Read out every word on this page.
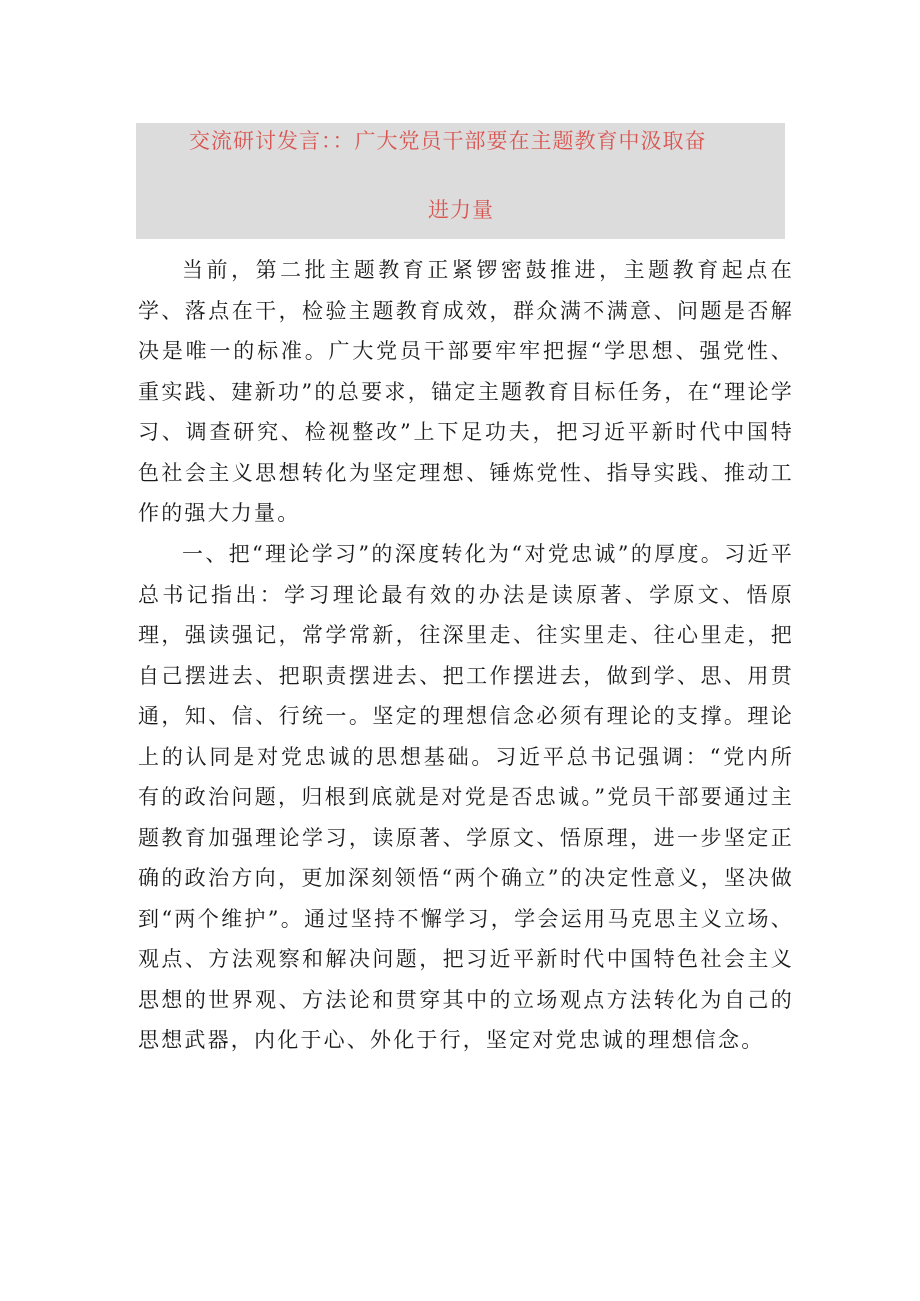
交流研讨发言：：广大党员干部要在主题教育中汲取奋
进力量

当前，第二批主题教育正紧锣密鼓推进，主题教育起点在学、落点在干，检验主题教育成效，群众满不满意、问题是否解决是唯一的标准。广大党员干部要牢牢把握“学思想、强党性、重实践、建新功”的总要求，锚定主题教育目标任务，在“理论学习、调查研究、检视整改”上下足功夫，把习近平新时代中国特色社会主义思想转化为坚定理想、锤炼党性、指导实践、推动工作的强大力量。

一、把“理论学习”的深度转化为“对党忠诚”的厚度。习近平总书记指出：学习理论最有效的办法是读原著、学原文、悟原理，强读强记，常学常新，往深里走、往实里走、往心里走，把自己摆进去、把职责摆进去、把工作摆进去，做到学、思、用贯通，知、信、行统一。坚定的理想信念必须有理论的支撑。理论上的认同是对党忠诚的思想基础。习近平总书记强调：“党内所有的政治问题，归根到底就是对党是否忠诚。”党员干部要通过主题教育加强理论学习，读原著、学原文、悟原理，进一步坚定正确的政治方向，更加深刻领悟“两个确立”的决定性意义，坚决做到“两个维护”。通过坚持不懈学习，学会运用马克思主义立场、观点、方法观察和解决问题，把习近平新时代中国特色社会主义思想的世界观、方法论和贯穿其中的立场观点方法转化为自己的思想武器，内化于心、外化于行，坚定对党忠诚的理想信念。
